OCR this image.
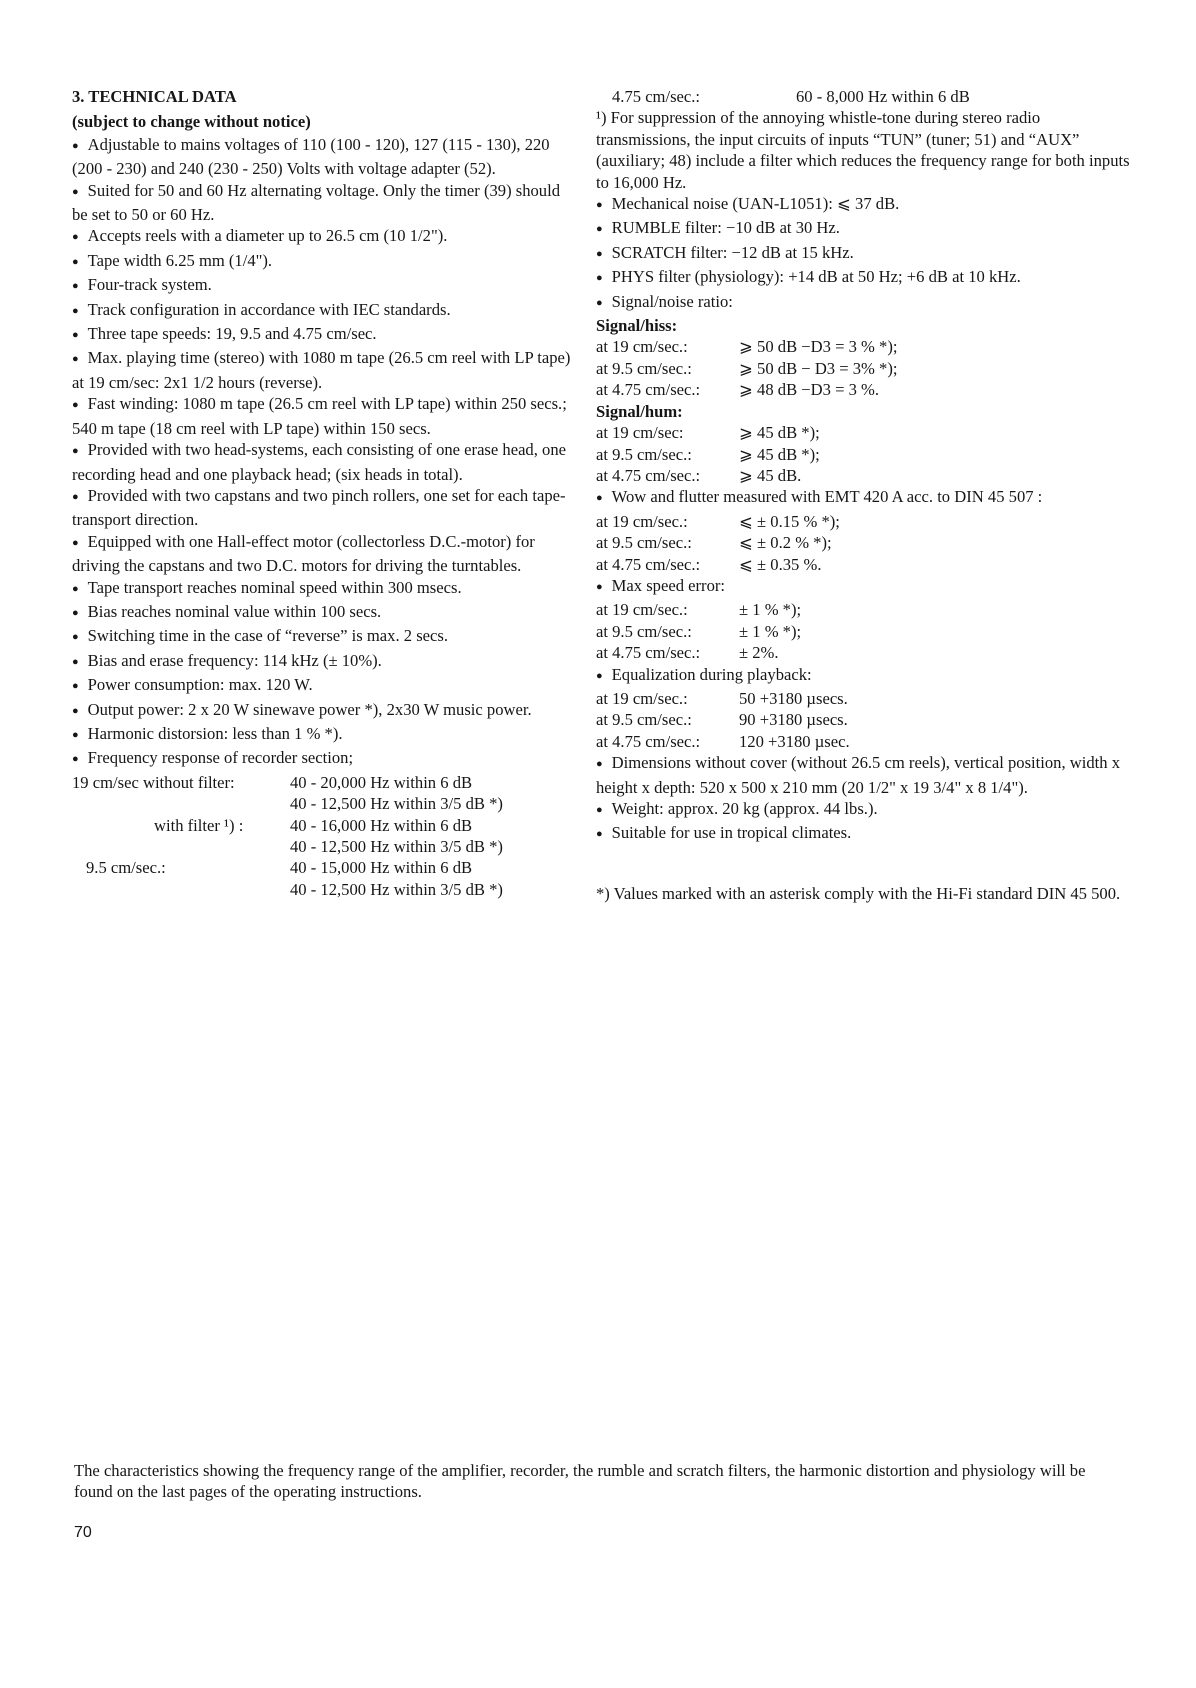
3. TECHNICAL DATA

(subject to change without notice)

● Adjustable to mains voltages of 110 (100 - 120), 127 (115 - 130), 220 (200 - 230) and 240 (230 - 250) Volts with voltage adapter (52).

● Suited for 50 and 60 Hz alternating voltage. Only the timer (39) should be set to 50 or 60 Hz.

● Accepts reels with a diameter up to 26.5 cm (10 1/2").

● Tape width 6.25 mm (1/4").

● Four-track system.

● Track configuration in accordance with IEC standards.

● Three tape speeds: 19, 9.5 and 4.75 cm/sec.

● Max. playing time (stereo) with 1080 m tape (26.5 cm reel with LP tape) at 19 cm/sec: 2x1 1/2 hours (reverse).

● Fast winding: 1080 m tape (26.5 cm reel with LP tape) within 250 secs.; 540 m tape (18 cm reel with LP tape) within 150 secs.

● Provided with two head-systems, each consisting of one erase head, one recording head and one playback head; (six heads in total).

● Provided with two capstans and two pinch rollers, one set for each tape-transport direction.

● Equipped with one Hall-effect motor (collectorless D.C.-motor) for driving the capstans and two D.C. motors for driving the turntables.

● Tape transport reaches nominal speed within 300 msecs.

● Bias reaches nominal value within 100 secs.

● Switching time in the case of “reverse” is max. 2 secs.

● Bias and erase frequency: 114 kHz (± 10%).

● Power consumption: max. 120 W.

● Output power: 2 x 20 W sinewave power *), 2x30 W music power.

● Harmonic distorsion: less than 1 % *).

● Frequency response of recorder section;

19 cm/sec without filter:	40 - 20,000 Hz within 6 dB
40 - 12,500 Hz within 3/5 dB *)
with filter ¹) :	40 - 16,000 Hz within 6 dB
40 - 12,500 Hz within 3/5 dB *)
9.5 cm/sec.:	40 - 15,000 Hz within 6 dB
40 - 12,500 Hz within 3/5 dB *)
4.75 cm/sec.:	60 - 8,000 Hz within 6 dB

¹) For suppression of the annoying whistle-tone during stereo radio transmissions, the input circuits of inputs “TUN” (tuner; 51) and “AUX” (auxiliary; 48) include a filter which reduces the frequency range for both inputs to 16,000 Hz.

● Mechanical noise (UAN-L1051): ⩽ 37 dB.

● RUMBLE filter: −10 dB at 30 Hz.

● SCRATCH filter: −12 dB at 15 kHz.

● PHYS filter (physiology): +14 dB at 50 Hz; +6 dB at 10 kHz.

● Signal/noise ratio:

Signal/hiss:

at 19 cm/sec.:	⩾ 50 dB −D3 = 3 % *);
at 9.5 cm/sec.:	⩾ 50 dB − D3 = 3% *);
at 4.75 cm/sec.:	⩾ 48 dB −D3 = 3 %.

Signal/hum:

at 19 cm/sec:	⩾ 45 dB *);
at 9.5 cm/sec.:	⩾ 45 dB *);
at 4.75 cm/sec.:	⩾ 45 dB.

● Wow and flutter measured with EMT 420 A acc. to DIN 45 507 :

at 19 cm/sec.:	⩽ ± 0.15 % *);
at 9.5 cm/sec.:	⩽ ± 0.2 % *);
at 4.75 cm/sec.:	⩽ ± 0.35 %.

● Max speed error:

at 19 cm/sec.:	± 1 % *);
at 9.5 cm/sec.:	± 1 % *);
at 4.75 cm/sec.:	± 2%.

● Equalization during playback:

at 19 cm/sec.:	50 +3180 µsecs.
at 9.5 cm/sec.:	90 +3180 µsecs.
at 4.75 cm/sec.:	120 +3180 µsec.

● Dimensions without cover (without 26.5 cm reels), vertical position, width x height x depth: 520 x 500 x 210 mm (20 1/2" x 19 3/4" x 8 1/4").

● Weight: approx. 20 kg (approx. 44 lbs.).

● Suitable for use in tropical climates.

*) Values marked with an asterisk comply with the Hi-Fi standard DIN 45 500.

The characteristics showing the frequency range of the amplifier, recorder, the rumble and scratch filters, the harmonic distortion and physiology will be found on the last pages of the operating instructions.

70
